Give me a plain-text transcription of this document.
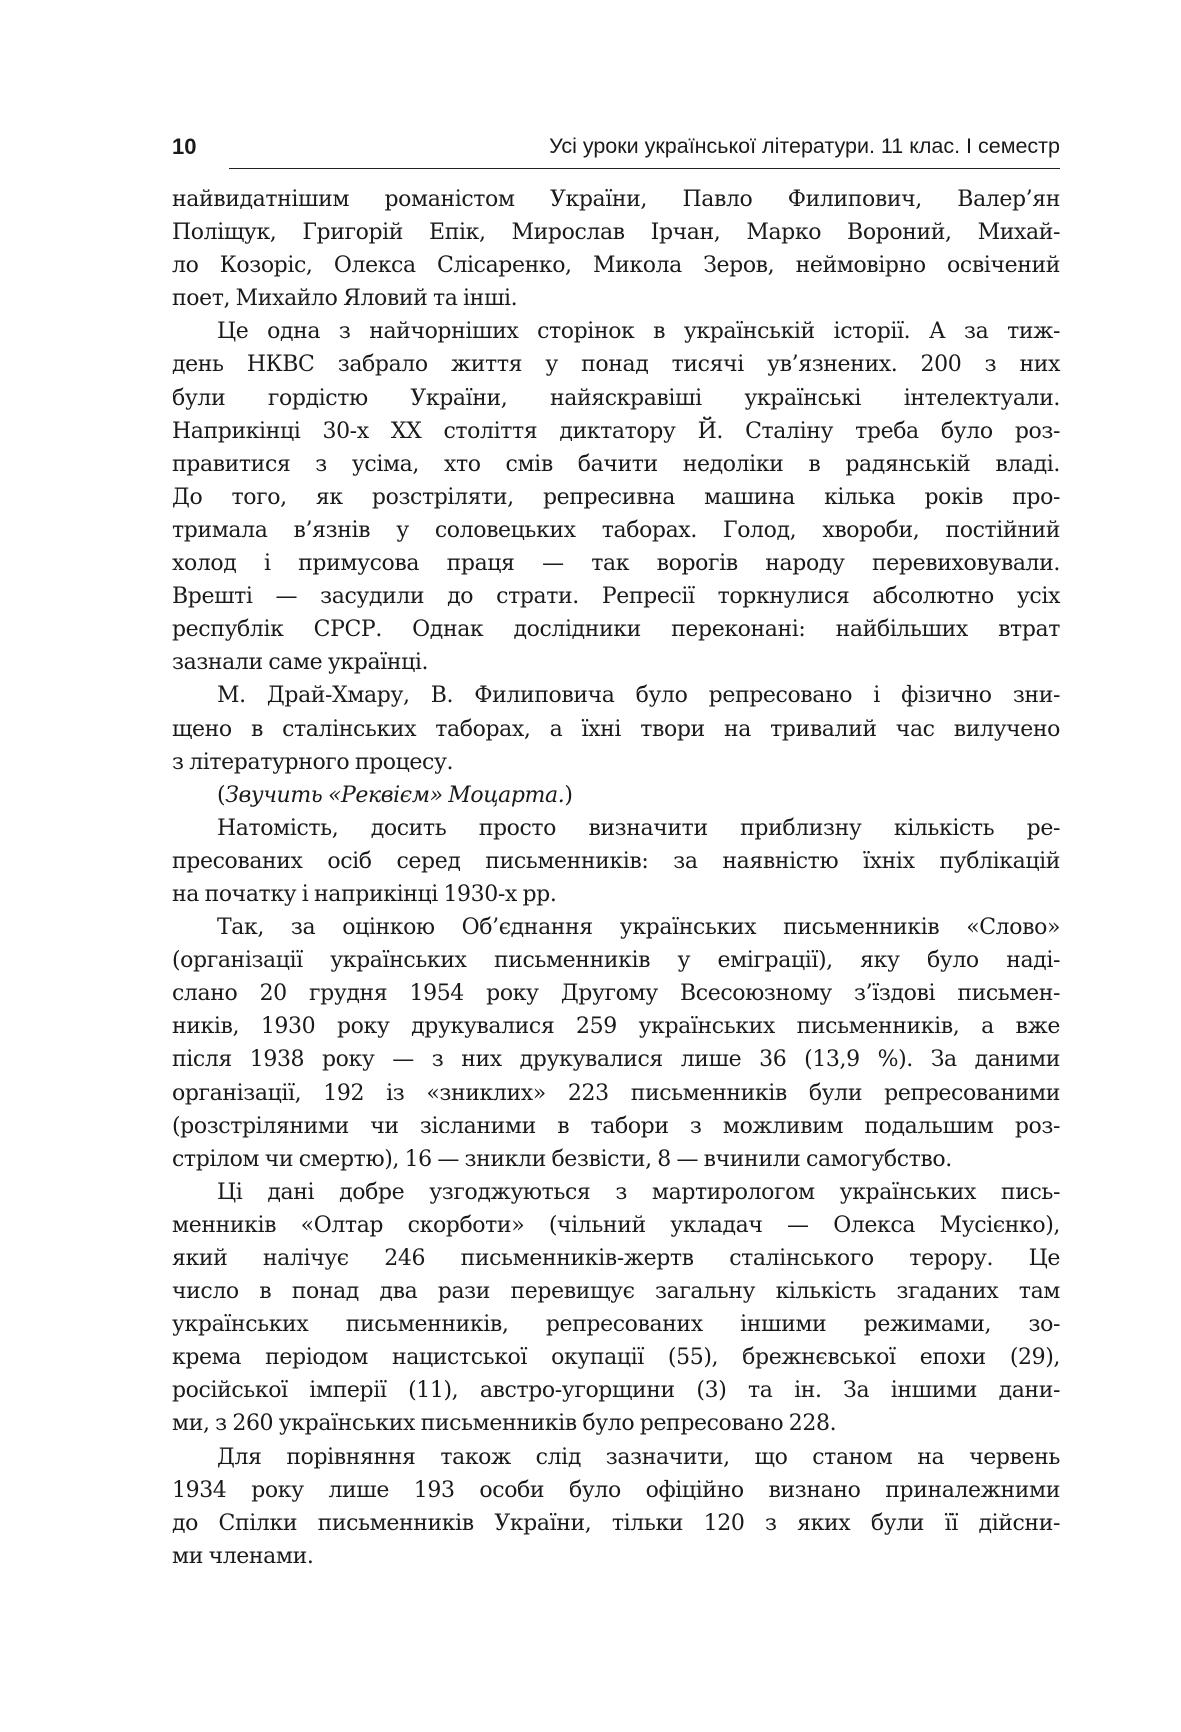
10	Усі уроки української літератури. 11 клас. І семестр
найвидатнішим романістом України, Павло Филипович, Валер’ян
Поліщук, Григорій Епік, Мирослав Ірчан, Марко Вороний, Михай-
ло Козоріс, Олекса Слісаренко, Микола Зеров, неймовірно освічений
поет, Михайло Яловий та інші.
Це одна з найчорніших сторінок в українській історії. А за тиж-
день НКВС забрало життя у понад тисячі ув’язнених. 200 з них
були гордістю України, найяскравіші українські інтелектуали.
Наприкінці 30-х ХХ століття диктатору Й. Сталіну треба було роз-
правитися з усіма, хто смів бачити недоліки в радянській владі.
До того, як розстріляти, репресивна машина кілька років про-
тримала в’язнів у соловецьких таборах. Голод, хвороби, постійний
холод і примусова праця — так ворогів народу перевиховували.
Врешті — засудили до страти. Репресії торкнулися абсолютно усіх
республік СРСР. Однак дослідники переконані: найбільших втрат
зазнали саме українці.
М. Драй-Хмару, В. Филиповича було репресовано і фізично зни-
щено в сталінських таборах, а їхні твори на тривалий час вилучено
з літературного процесу.
(Звучить «Реквієм» Моцарта.)
Натомість, досить просто визначити приблизну кількість ре-
пресованих осіб серед письменників: за наявністю їхніх публікацій
на початку і наприкінці 1930-х рр.
Так, за оцінкою Об’єднання українських письменників «Слово»
(організації українських письменників у еміграції), яку було наді-
слано 20 грудня 1954 року Другому Всесоюзному з’їздові письмен-
ників, 1930 року друкувалися 259 українських письменників, а вже
після 1938 року — з них друкувалися лише 36 (13,9 %). За даними
організації, 192 із «зниклих» 223 письменників були репресованими
(розстріляними чи зісланими в табори з можливим подальшим роз-
стрілом чи смертю), 16 — зникли безвісти, 8 — вчинили самогубство.
Ці дані добре узгоджуються з мартирологом українських пись-
менників «Олтар скорботи» (чільний укладач — Олекса Мусієнко),
який налічує 246 письменників-жертв сталінського терору. Це
число в понад два рази перевищує загальну кількість згаданих там
українських письменників, репресованих іншими режимами, зо-
крема періодом нацистської окупації (55), брежнєвської епохи (29),
російської імперії (11), австро-угорщини (3) та ін. За іншими дани-
ми, з 260 українських письменників було репресовано 228.
Для порівняння також слід зазначити, що станом на червень
1934 року лише 193 особи було офіційно визнано приналежними
до Спілки письменників України, тільки 120 з яких були її дійсни-
ми членами.
